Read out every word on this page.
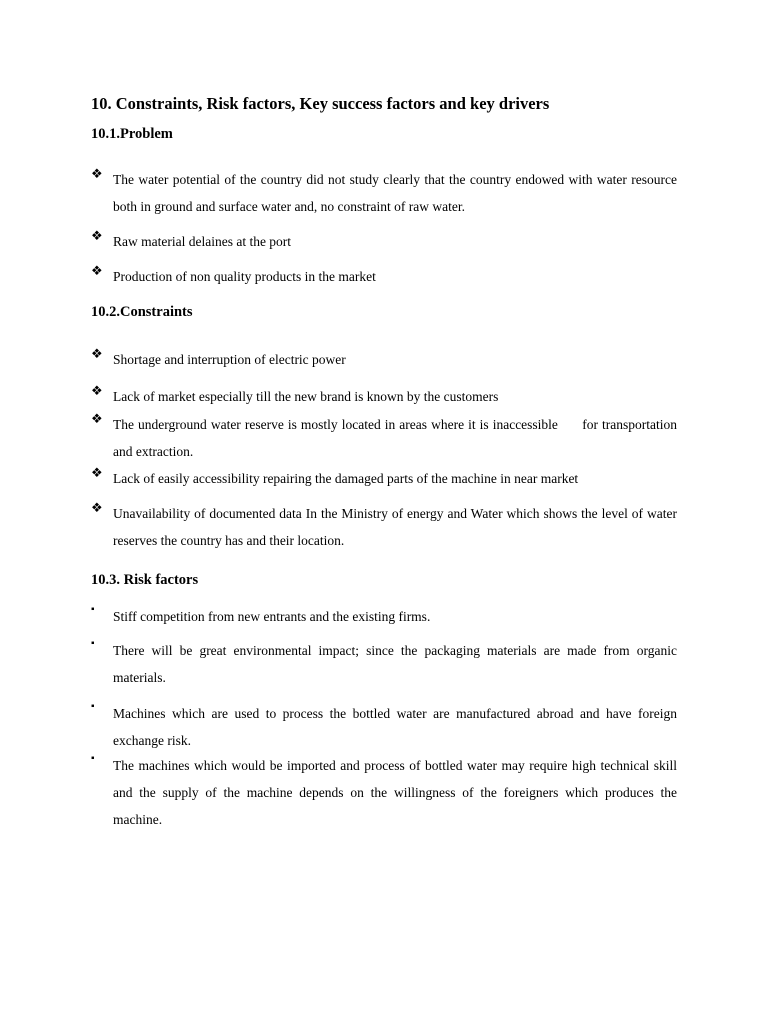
10. Constraints, Risk factors, Key success factors and key drivers
10.1.Problem
❖ The water potential of the country did not study clearly that the country endowed with water resource both in ground and surface water and, no constraint of raw water.
❖ Raw material delaines at the port
❖ Production of non quality products in the market
10.2.Constraints
❖ Shortage and interruption of electric power
❖ Lack of market especially till the new brand is known by the customers
❖ The underground water reserve is mostly located in areas where it is inaccessible      for transportation and extraction.
❖ Lack of easily accessibility repairing the damaged parts of the machine in near market
❖ Unavailability of documented data In the Ministry of energy and Water which shows the level of water reserves the country has and their location.
10.3. Risk factors
▪ Stiff competition from new entrants and the existing firms.
▪ There will be great environmental impact; since the packaging materials are made from organic materials.
▪ Machines which are used to process the bottled water are manufactured abroad and have foreign exchange risk.
▪ The machines which would be imported and process of bottled water may require high technical skill and the supply of the machine depends on the willingness of the foreigners which produces the machine.
